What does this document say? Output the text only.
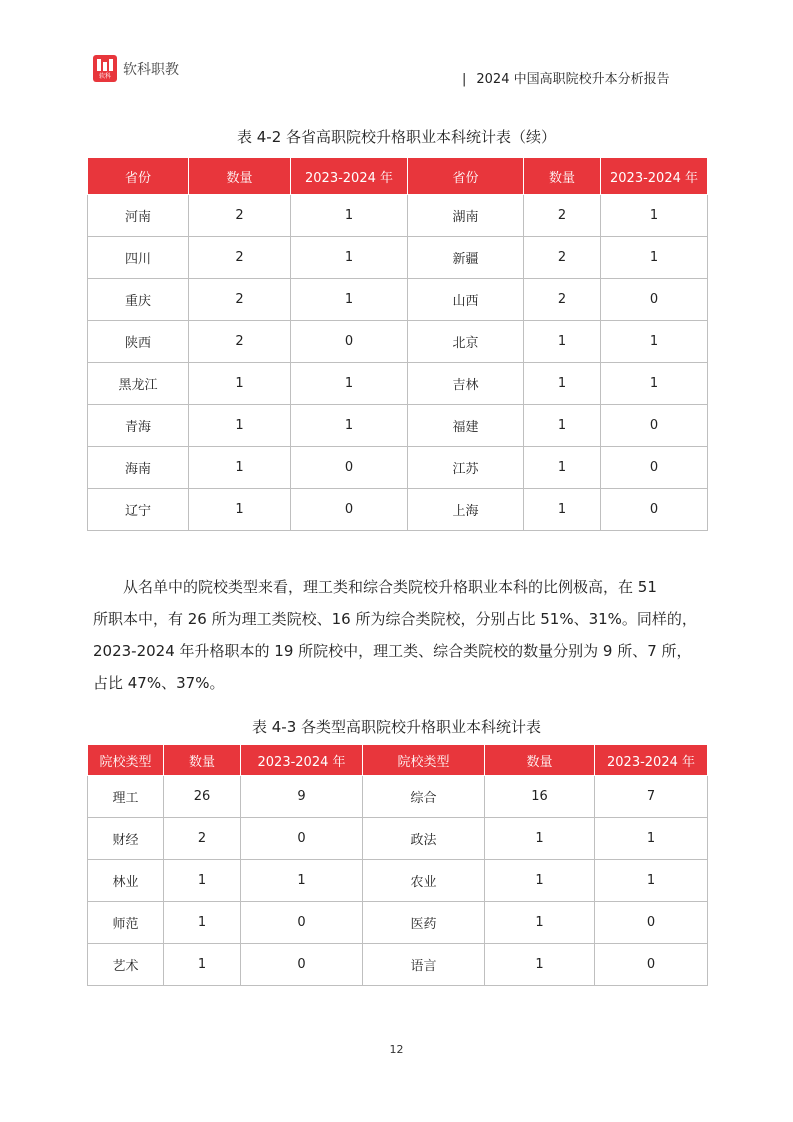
软科 软科职教
| 2024 中国高职院校升本分析报告
表 4-2 各省高职院校升格职业本科统计表（续）
省份	数量	2023-2024 年	省份	数量	2023-2024 年
河南	2	1	湖南	2	1
四川	2	1	新疆	2	1
重庆	2	1	山西	2	0
陕西	2	0	北京	1	1
黑龙江	1	1	吉林	1	1
青海	1	1	福建	1	0
海南	1	0	江苏	1	0
辽宁	1	0	上海	1	0

从名单中的院校类型来看，理工类和综合类院校升格职业本科的比例极高，在 51

所职本中，有 26 所为理工类院校、16 所为综合类院校，分别占比 51%、31%。同样的，

2023-2024 年升格职本的 19 所院校中，理工类、综合类院校的数量分别为 9 所、7 所，

占比 47%、37%。

表 4-3 各类型高职院校升格职业本科统计表
院校类型	数量	2023-2024 年	院校类型	数量	2023-2024 年
理工	26	9	综合	16	7
财经	2	0	政法	1	1
林业	1	1	农业	1	1
师范	1	0	医药	1	0
艺术	1	0	语言	1	0
12
